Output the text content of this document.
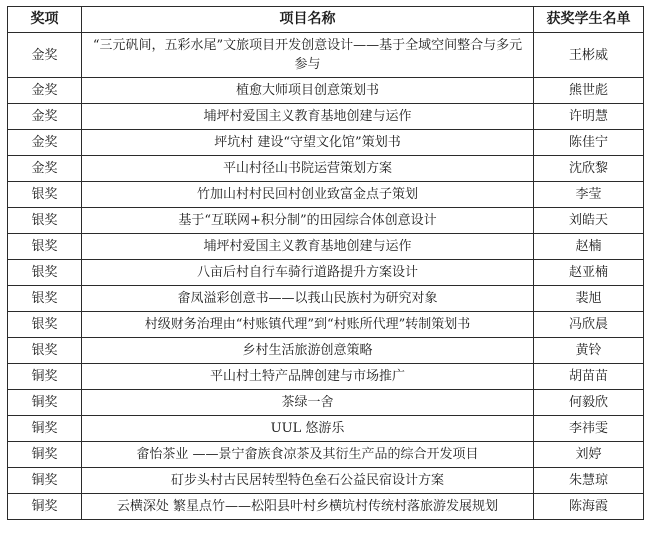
奖项	项目名称	获奖学生名单
金奖	“三元矾间，五彩水尾”文旅项目开发创意设计——基于全域空间整合与多元参与	王彬威
金奖	植愈大师项目创意策划书	熊世彪
金奖	埔坪村爱国主义教育基地创建与运作	许明慧
金奖	坪坑村 建设“守望文化馆”策划书	陈佳宁
金奖	平山村径山书院运营策划方案	沈欣黎
银奖	竹加山村村民回村创业致富金点子策划	李莹
银奖	基于“互联网+积分制”的田园综合体创意设计	刘皓天
银奖	埔坪村爱国主义教育基地创建与运作	赵楠
银奖	八亩后村自行车骑行道路提升方案设计	赵亚楠
银奖	畲凤溢彩创意书——以莪山民族村为研究对象	裴旭
银奖	村级财务治理由“村账镇代理”到“村账所代理”转制策划书	冯欣晨
银奖	乡村生活旅游创意策略	黄铃
铜奖	平山村土特产品牌创建与市场推广	胡苗苗
铜奖	茶绿一舍	何毅欣
铜奖	UUL 悠游乐	李祎雯
铜奖	畲怡茶业 ——景宁畲族食凉茶及其衍生产品的综合开发项目	刘婷
铜奖	矴步头村古民居转型特色垒石公益民宿设计方案	朱慧琼
铜奖	云横深处 繁星点竹——松阳县叶村乡横坑村传统村落旅游发展规划	陈海霞
